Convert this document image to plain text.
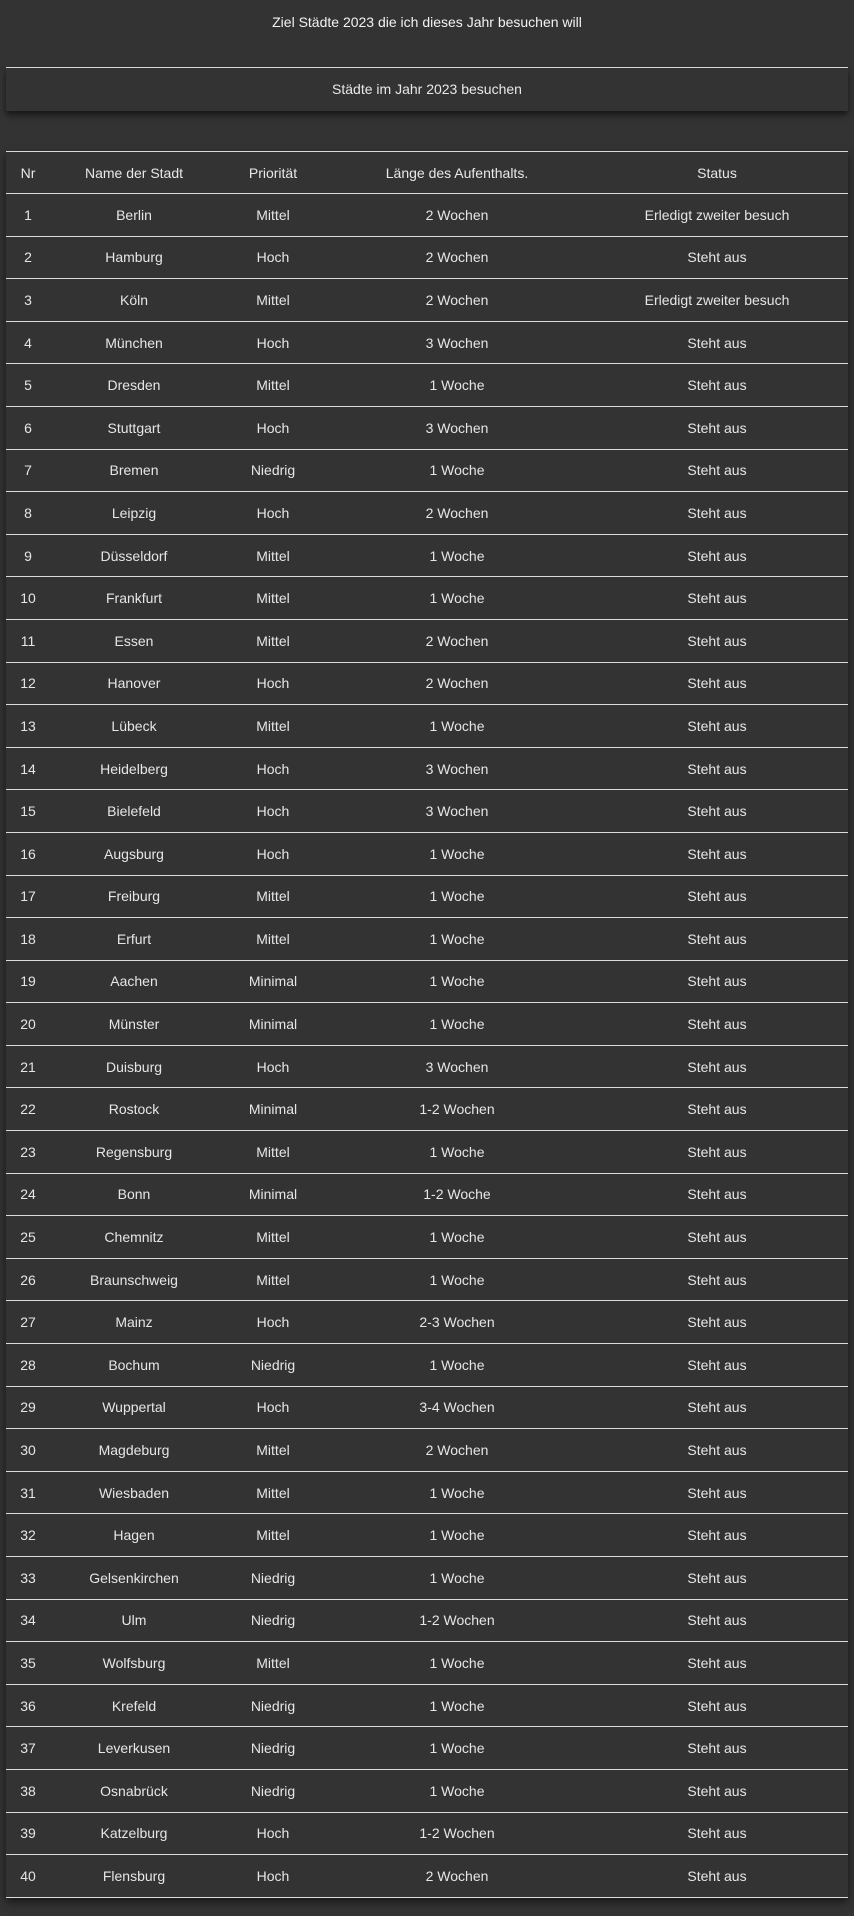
Ziel Städte 2023 die ich dieses Jahr besuchen will
Städte im Jahr 2023 besuchen
Nr	Name der Stadt	Priorität	Länge des Aufenthalts.	Status
1	Berlin	Mittel	2 Wochen	Erledigt zweiter besuch
2	Hamburg	Hoch	2 Wochen	Steht aus
3	Köln	Mittel	2 Wochen	Erledigt zweiter besuch
4	München	Hoch	3 Wochen	Steht aus
5	Dresden	Mittel	1 Woche	Steht aus
6	Stuttgart	Hoch	3 Wochen	Steht aus
7	Bremen	Niedrig	1 Woche	Steht aus
8	Leipzig	Hoch	2 Wochen	Steht aus
9	Düsseldorf	Mittel	1 Woche	Steht aus
10	Frankfurt	Mittel	1 Woche	Steht aus
11	Essen	Mittel	2 Wochen	Steht aus
12	Hanover	Hoch	2 Wochen	Steht aus
13	Lübeck	Mittel	1 Woche	Steht aus
14	Heidelberg	Hoch	3 Wochen	Steht aus
15	Bielefeld	Hoch	3 Wochen	Steht aus
16	Augsburg	Hoch	1 Woche	Steht aus
17	Freiburg	Mittel	1 Woche	Steht aus
18	Erfurt	Mittel	1 Woche	Steht aus
19	Aachen	Minimal	1 Woche	Steht aus
20	Münster	Minimal	1 Woche	Steht aus
21	Duisburg	Hoch	3 Wochen	Steht aus
22	Rostock	Minimal	1-2 Wochen	Steht aus
23	Regensburg	Mittel	1 Woche	Steht aus
24	Bonn	Minimal	1-2 Woche	Steht aus
25	Chemnitz	Mittel	1 Woche	Steht aus
26	Braunschweig	Mittel	1 Woche	Steht aus
27	Mainz	Hoch	2-3 Wochen	Steht aus
28	Bochum	Niedrig	1 Woche	Steht aus
29	Wuppertal	Hoch	3-4 Wochen	Steht aus
30	Magdeburg	Mittel	2 Wochen	Steht aus
31	Wiesbaden	Mittel	1 Woche	Steht aus
32	Hagen	Mittel	1 Woche	Steht aus
33	Gelsenkirchen	Niedrig	1 Woche	Steht aus
34	Ulm	Niedrig	1-2 Wochen	Steht aus
35	Wolfsburg	Mittel	1 Woche	Steht aus
36	Krefeld	Niedrig	1 Woche	Steht aus
37	Leverkusen	Niedrig	1 Woche	Steht aus
38	Osnabrück	Niedrig	1 Woche	Steht aus
39	Katzelburg	Hoch	1-2 Wochen	Steht aus
40	Flensburg	Hoch	2 Wochen	Steht aus
